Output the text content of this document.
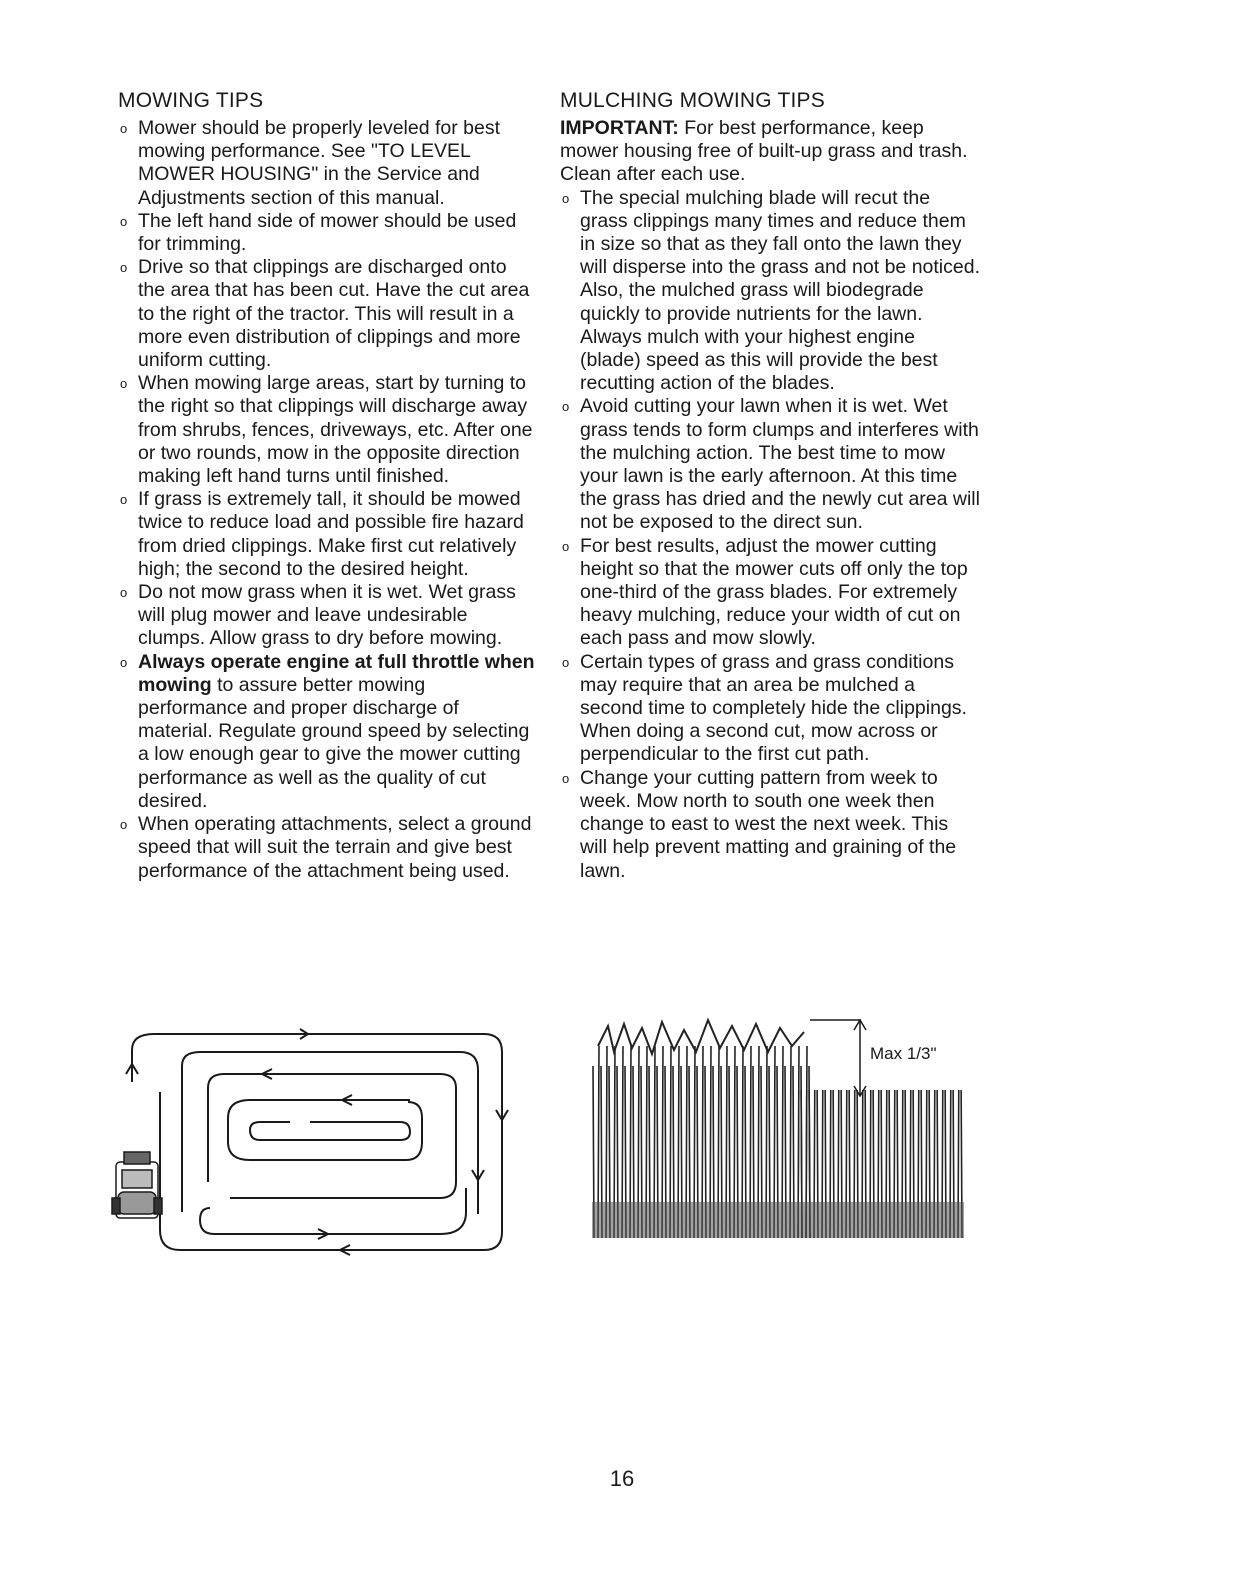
MOWING TIPS
o Mower should be properly leveled for best mowing performance. See "TO LEVEL MOWER HOUSING" in the Service and Adjustments section of this manual.
o The left hand side of mower should be used for trimming.
o Drive so that clippings are discharged onto the area that has been cut. Have the cut area to the right of the tractor. This will result in a more even distribution of clippings and more uniform cutting.
o When mowing large areas, start by turning to the right so that clippings will discharge away from shrubs, fences, driveways, etc. After one or two rounds, mow in the opposite direction making left hand turns until finished.
o If grass is extremely tall, it should be mowed twice to reduce load and possible fire hazard from dried clippings. Make first cut relatively high; the second to the desired height.
o Do not mow grass when it is wet. Wet grass will plug mower and leave undesirable clumps. Allow grass to dry before mowing.
o Always operate engine at full throttle when mowing to assure better mowing performance and proper discharge of material. Regulate ground speed by selecting a low enough gear to give the mower cutting performance as well as the quality of cut desired.
o When operating attachments, select a ground speed that will suit the terrain and give best performance of the attachment being used.
MULCHING MOWING TIPS

IMPORTANT: For best performance, keep mower housing free of built-up grass and trash. Clean after each use.

o The special mulching blade will recut the grass clippings many times and reduce them in size so that as they fall onto the lawn they will disperse into the grass and not be noticed. Also, the mulched grass will biodegrade quickly to provide nutrients for the lawn. Always mulch with your highest engine (blade) speed as this will provide the best recutting action of the blades.
o Avoid cutting your lawn when it is wet. Wet grass tends to form clumps and interferes with the mulching action. The best time to mow your lawn is the early afternoon. At this time the grass has dried and the newly cut area will not be exposed to the direct sun.
o For best results, adjust the mower cutting height so that the mower cuts off only the top one-third of the grass blades. For extremely heavy mulching, reduce your width of cut on each pass and mow slowly.
o Certain types of grass and grass conditions may require that an area be mulched a second time to completely hide the clippings. When doing a second cut, mow across or perpendicular to the first cut path.
o Change your cutting pattern from week to week. Mow north to south one week then change to east to west the next week. This will help prevent matting and graining of the lawn.
Max 1/3"
16
